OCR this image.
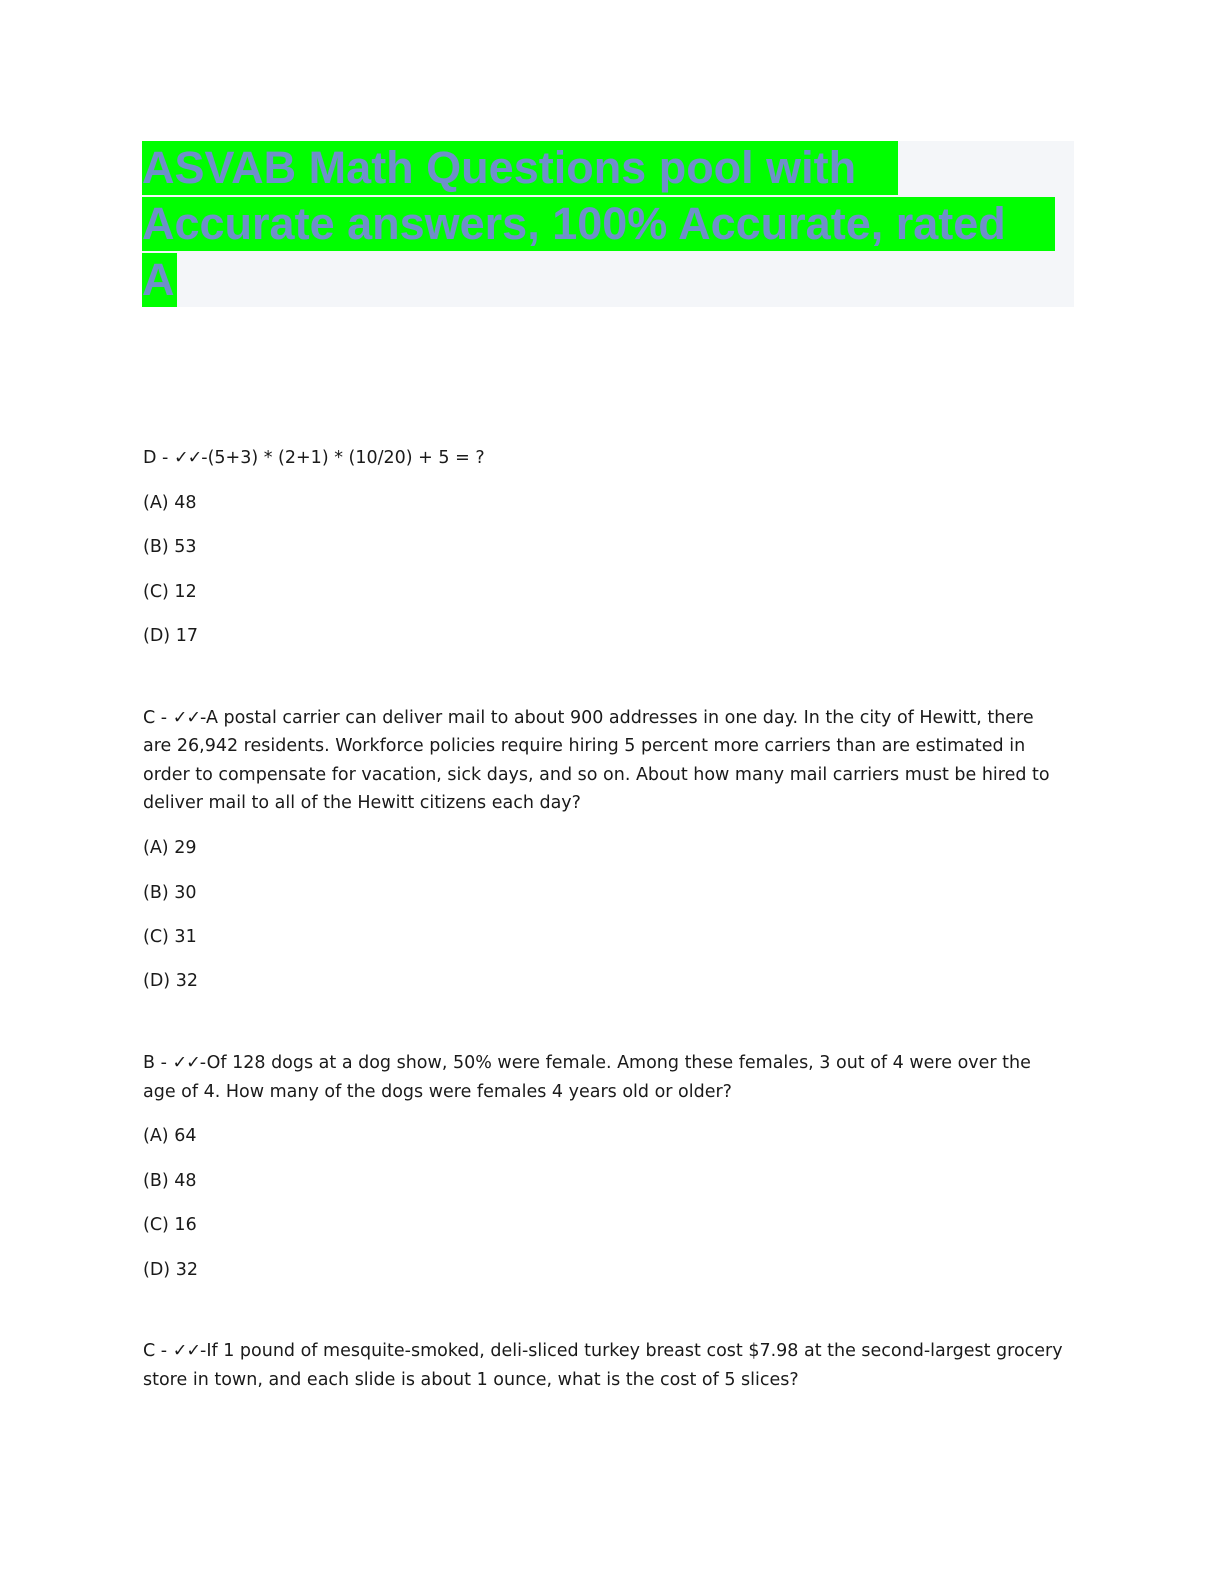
ASVAB Math Questions pool with
Accurate answers, 100% Accurate, rated
A

D - ✓✓-(5+3) * (2+1) * (10/20) + 5 = ?

(A) 48
(B) 53
(C) 12
(D) 17

C - ✓✓-A postal carrier can deliver mail to about 900 addresses in one day. In the city of Hewitt, there are 26,942 residents. Workforce policies require hiring 5 percent more carriers than are estimated in order to compensate for vacation, sick days, and so on. About how many mail carriers must be hired to deliver mail to all of the Hewitt citizens each day?

(A) 29
(B) 30
(C) 31
(D) 32

B - ✓✓-Of 128 dogs at a dog show, 50% were female. Among these females, 3 out of 4 were over the age of 4. How many of the dogs were females 4 years old or older?

(A) 64
(B) 48
(C) 16
(D) 32

C - ✓✓-If 1 pound of mesquite-smoked, deli-sliced turkey breast cost $7.98 at the second-largest grocery store in town, and each slide is about 1 ounce, what is the cost of 5 slices?
